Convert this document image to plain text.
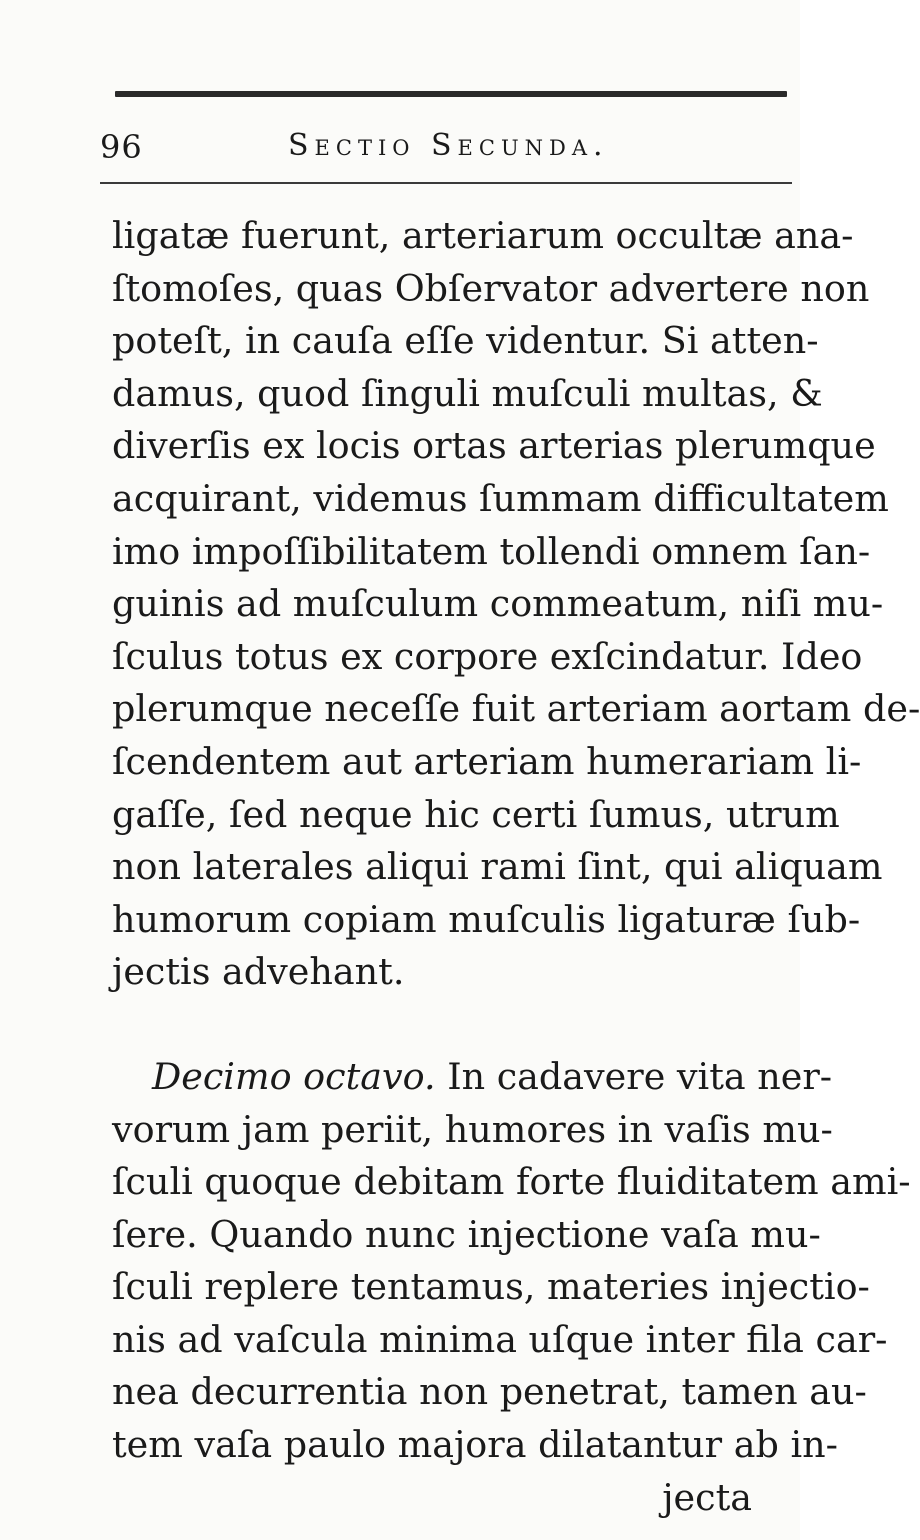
96	Sectio Secunda.
ligatæ fuerunt, arteriarum occultæ ana-
ſtomoſes, quas Obſervator advertere non
poteſt, in cauſa eſſe videntur. Si atten-
damus, quod ſinguli muſculi multas, &
diverſis ex locis ortas arterias plerumque
acquirant, videmus ſummam difficultatem
imo impoſſibilitatem tollendi omnem ſan-
guinis ad muſculum commeatum, niſi mu-
ſculus totus ex corpore exſcindatur. Ideo
plerumque neceſſe fuit arteriam aortam de-
ſcendentem aut arteriam humerariam li-
gaſſe, ſed neque hic certi ſumus, utrum
non laterales aliqui rami ſint, qui aliquam
humorum copiam muſculis ligaturæ ſub-
jectis advehant.
Decimo octavo. In cadavere vita ner-
vorum jam periit, humores in vaſis mu-
ſculi quoque debitam forte fluiditatem ami-
ſere. Quando nunc injectione vaſa mu-
ſculi replere tentamus, materies injectio-
nis ad vaſcula minima uſque inter fila car-
nea decurrentia non penetrat, tamen au-
tem vaſa paulo majora dilatantur ab in-
jecta
